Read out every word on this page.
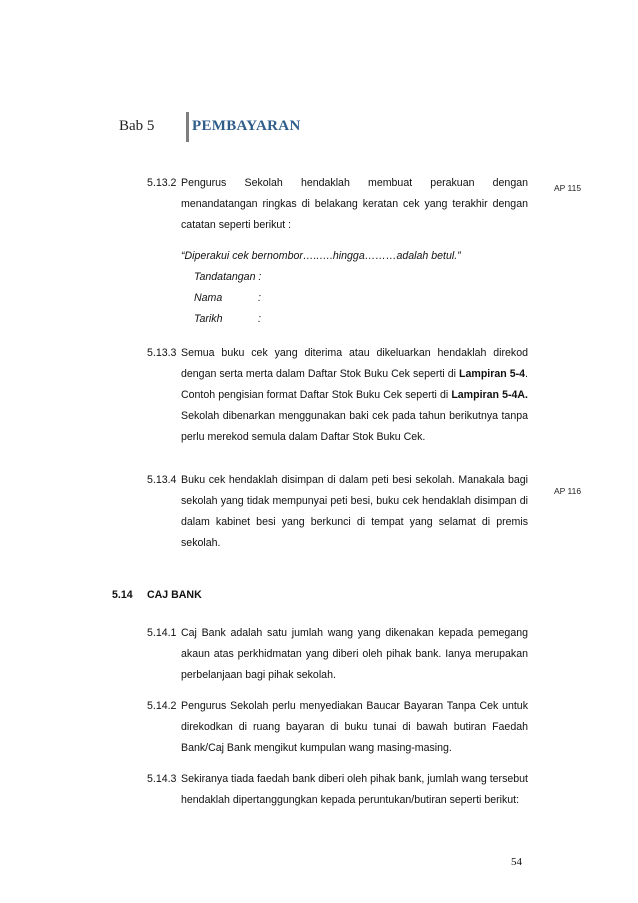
Bab 5	PEMBAYARAN
5.13.2 Pengurus Sekolah hendaklah membuat perakuan dengan menandatangan ringkas di belakang keratan cek yang terakhir dengan catatan seperti berikut :
AP 115
“Diperakui cek bernombor…..….hingga………adalah betul.”
Tandatangan :
Nama	:
Tarikh	:
5.13.3 Semua buku cek yang diterima atau dikeluarkan hendaklah direkod dengan serta merta dalam Daftar Stok Buku Cek seperti di Lampiran 5-4. Contoh pengisian format Daftar Stok Buku Cek seperti di Lampiran 5-4A. Sekolah dibenarkan menggunakan baki cek pada tahun berikutnya tanpa perlu merekod semula dalam Daftar Stok Buku Cek.
5.13.4 Buku cek hendaklah disimpan di dalam peti besi sekolah. Manakala bagi sekolah yang tidak mempunyai peti besi, buku cek hendaklah disimpan di dalam kabinet besi yang berkunci di tempat yang selamat di premis sekolah.
AP 116
5.14 CAJ BANK
5.14.1 Caj Bank adalah satu jumlah wang yang dikenakan kepada pemegang akaun atas perkhidmatan yang diberi oleh pihak bank. Ianya merupakan perbelanjaan bagi pihak sekolah.
5.14.2 Pengurus Sekolah perlu menyediakan Baucar Bayaran Tanpa Cek untuk direkodkan di ruang bayaran di buku tunai di bawah butiran Faedah Bank/Caj Bank mengikut kumpulan wang masing-masing.
5.14.3 Sekiranya tiada faedah bank diberi oleh pihak bank, jumlah wang tersebut hendaklah dipertanggungkan kepada peruntukan/butiran seperti berikut:
54
